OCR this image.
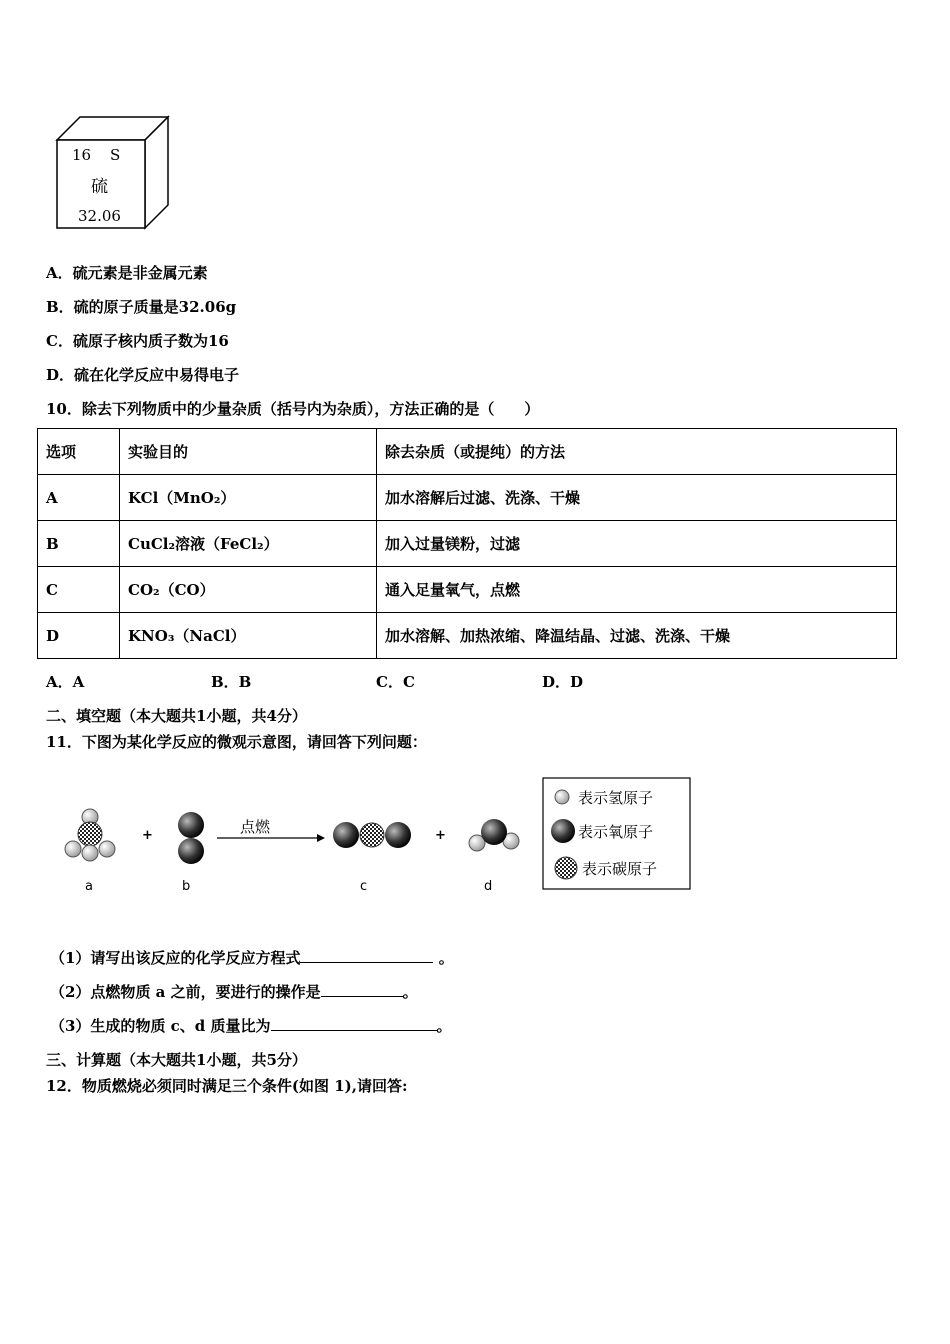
16 S
硫
32.06
A．硫元素是非金属元素
B．硫的原子质量是32.06g
C．硫原子核内质子数为16
D．硫在化学反应中易得电子
10．除去下列物质中的少量杂质（括号内为杂质），方法正确的是（　　）
选项	实验目的	除去杂质（或提纯）的方法
A	KCl（MnO₂）	加水溶解后过滤、洗涤、干燥
B	CuCl₂溶液（FeCl₂）	加入过量镁粉，过滤
C	CO₂（CO）	通入足量氧气，点燃
D	KNO₃（NaCl）	加水溶解、加热浓缩、降温结晶、过滤、洗涤、干燥
A．A	B．B	C．C	D．D
二、填空题（本大题共1小题，共4分）
11．下图为某化学反应的微观示意图，请回答下列问题：
+	点燃	+
a	b	c	d
表示氢原子
表示氧原子
表示碳原子
（1）请写出该反应的化学反应方程式	。
（2）点燃物质 a 之前，要进行的操作是	。
（3）生成的物质 c、d 质量比为	。
三、计算题（本大题共1小题，共5分）
12．物质燃烧必须同时满足三个条件(如图 1),请回答:
